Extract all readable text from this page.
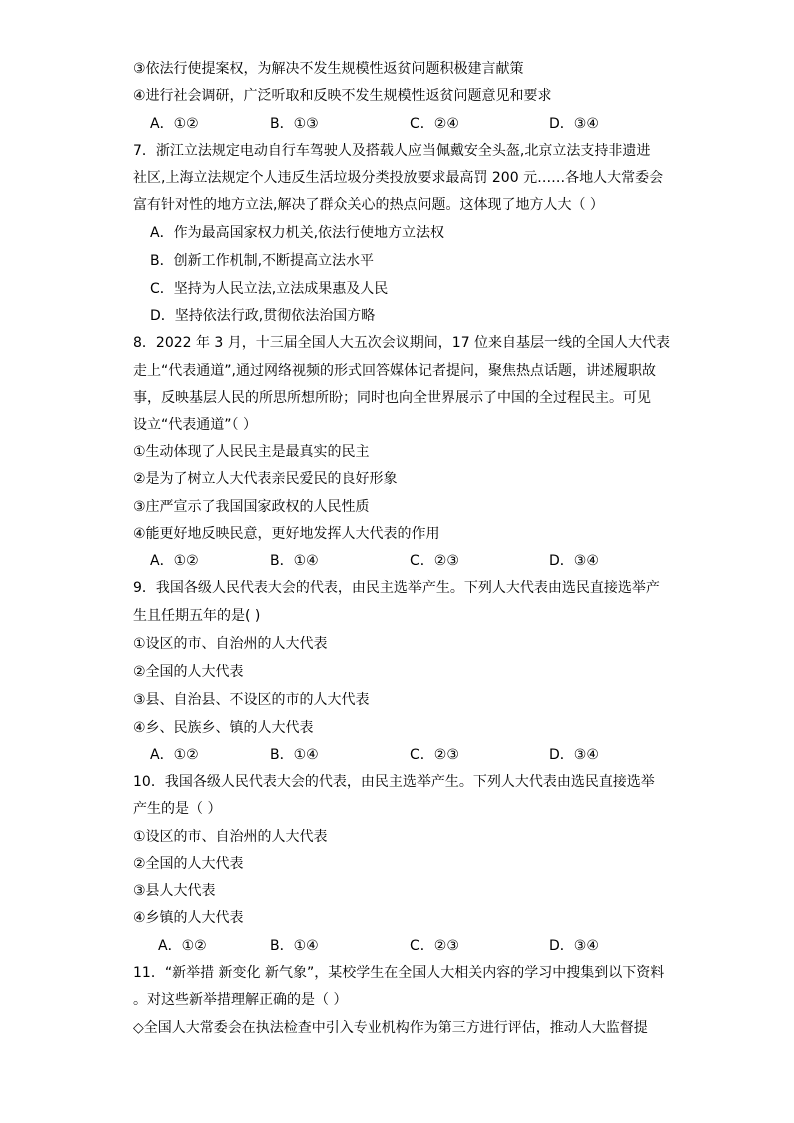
③依法行使提案权，为解决不发生规模性返贫问题积极建言献策
④进行社会调研，广泛听取和反映不发生规模性返贫问题意见和要求
A．①②	B．①③	C．②④	D．③④
7．浙江立法规定电动自行车驾驶人及搭载人应当佩戴安全头盔,北京立法支持非遗进
社区,上海立法规定个人违反生活垃圾分类投放要求最高罚 200 元……各地人大常委会
富有针对性的地方立法,解决了群众关心的热点问题。这体现了地方人大（ ）
A．作为最高国家权力机关,依法行使地方立法权
B．创新工作机制,不断提高立法水平
C．坚持为人民立法,立法成果惠及人民
D．坚持依法行政,贯彻依法治国方略
8．2022 年 3 月，十三届全国人大五次会议期间，17 位来自基层一线的全国人大代表
走上“代表通道”,通过网络视频的形式回答媒体记者提问，聚焦热点话题，讲述履职故
事，反映基层人民的所思所想所盼；同时也向全世界展示了中国的全过程民主。可见
设立“代表通道”（ ）
①生动体现了人民民主是最真实的民主
②是为了树立人大代表亲民爱民的良好形象
③庄严宣示了我国国家政权的人民性质
④能更好地反映民意，更好地发挥人大代表的作用
A．①②	B．①④	C．②③	D．③④
9．我国各级人民代表大会的代表，由民主选举产生。下列人大代表由选民直接选举产
生且任期五年的是( )
①设区的市、自治州的人大代表
②全国的人大代表
③县、自治县、不设区的市的人大代表
④乡、民族乡、镇的人大代表
A．①②	B．①④	C．②③	D．③④
10．我国各级人民代表大会的代表，由民主选举产生。下列人大代表由选民直接选举
产生的是（ ）
①设区的市、自治州的人大代表
②全国的人大代表
③县人大代表
④乡镇的人大代表
A．①②	B．①④	C．②③	D．③④
11．“新举措 新变化 新气象”，某校学生在全国人大相关内容的学习中搜集到以下资料
。对这些新举措理解正确的是（ ）
◇全国人大常委会在执法检查中引入专业机构作为第三方进行评估，推动人大监督提
